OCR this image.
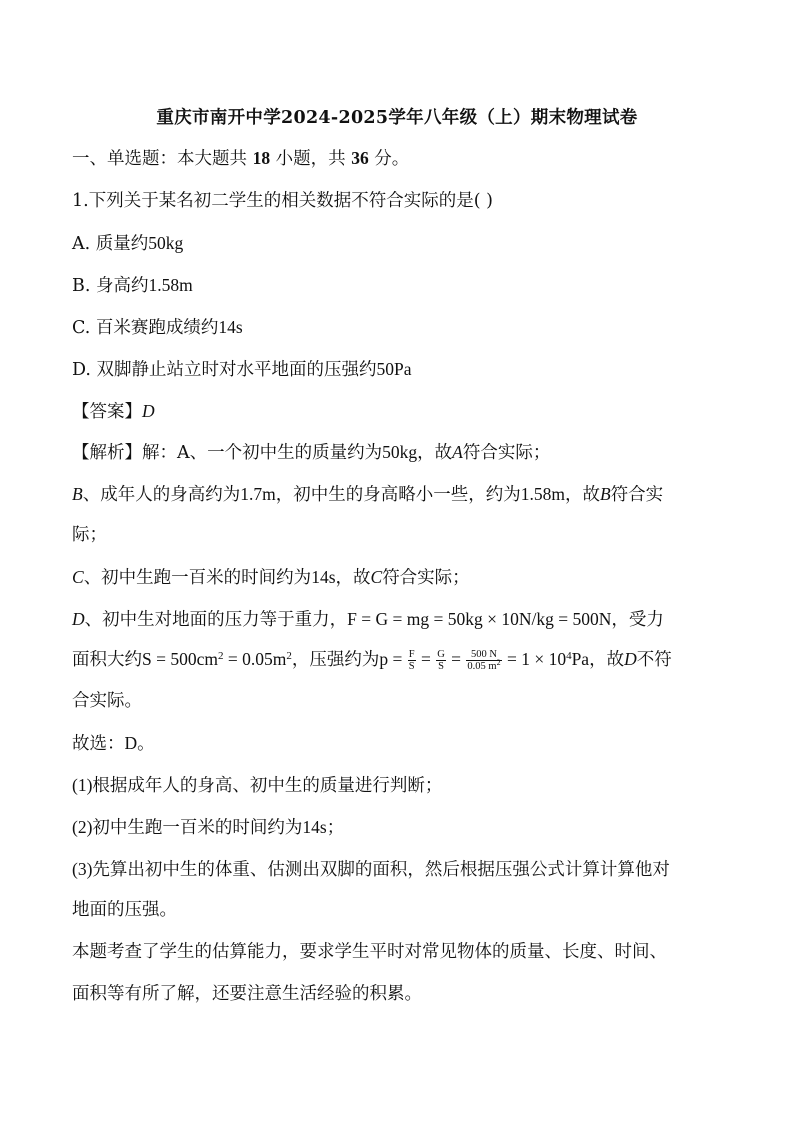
重庆市南开中学2024-2025学年八年级（上）期末物理试卷
一、单选题：本大题共 18 小题，共 36 分。
1.下列关于某名初二学生的相关数据不符合实际的是( )
A. 质量约50kg
B. 身高约1.58m
C. 百米赛跑成绩约14s
D. 双脚静止站立时对水平地面的压强约50Pa
【答案】D
【解析】解：A、一个初中生的质量约为50kg，故A符合实际；
B、成年人的身高约为1.7m，初中生的身高略小一些，约为1.58m，故B符合实
际；
C、初中生跑一百米的时间约为14s，故C符合实际；
D、初中生对地面的压力等于重力，F = G = mg = 50kg × 10N/kg = 500N，受力
面积大约$S = 500cm^2 = 0.05m^2$，压强约为$p = \frac{F}{S} = \frac{G}{S} = \frac{500 N}{0.05 m^2} = 1 \times 10^4Pa$，故D不符
合实际。
故选：D。
(1)根据成年人的身高、初中生的质量进行判断；
(2)初中生跑一百米的时间约为14s；
(3)先算出初中生的体重、估测出双脚的面积，然后根据压强公式计算计算他对
地面的压强。
本题考查了学生的估算能力，要求学生平时对常见物体的质量、长度、时间、
面积等有所了解，还要注意生活经验的积累。
